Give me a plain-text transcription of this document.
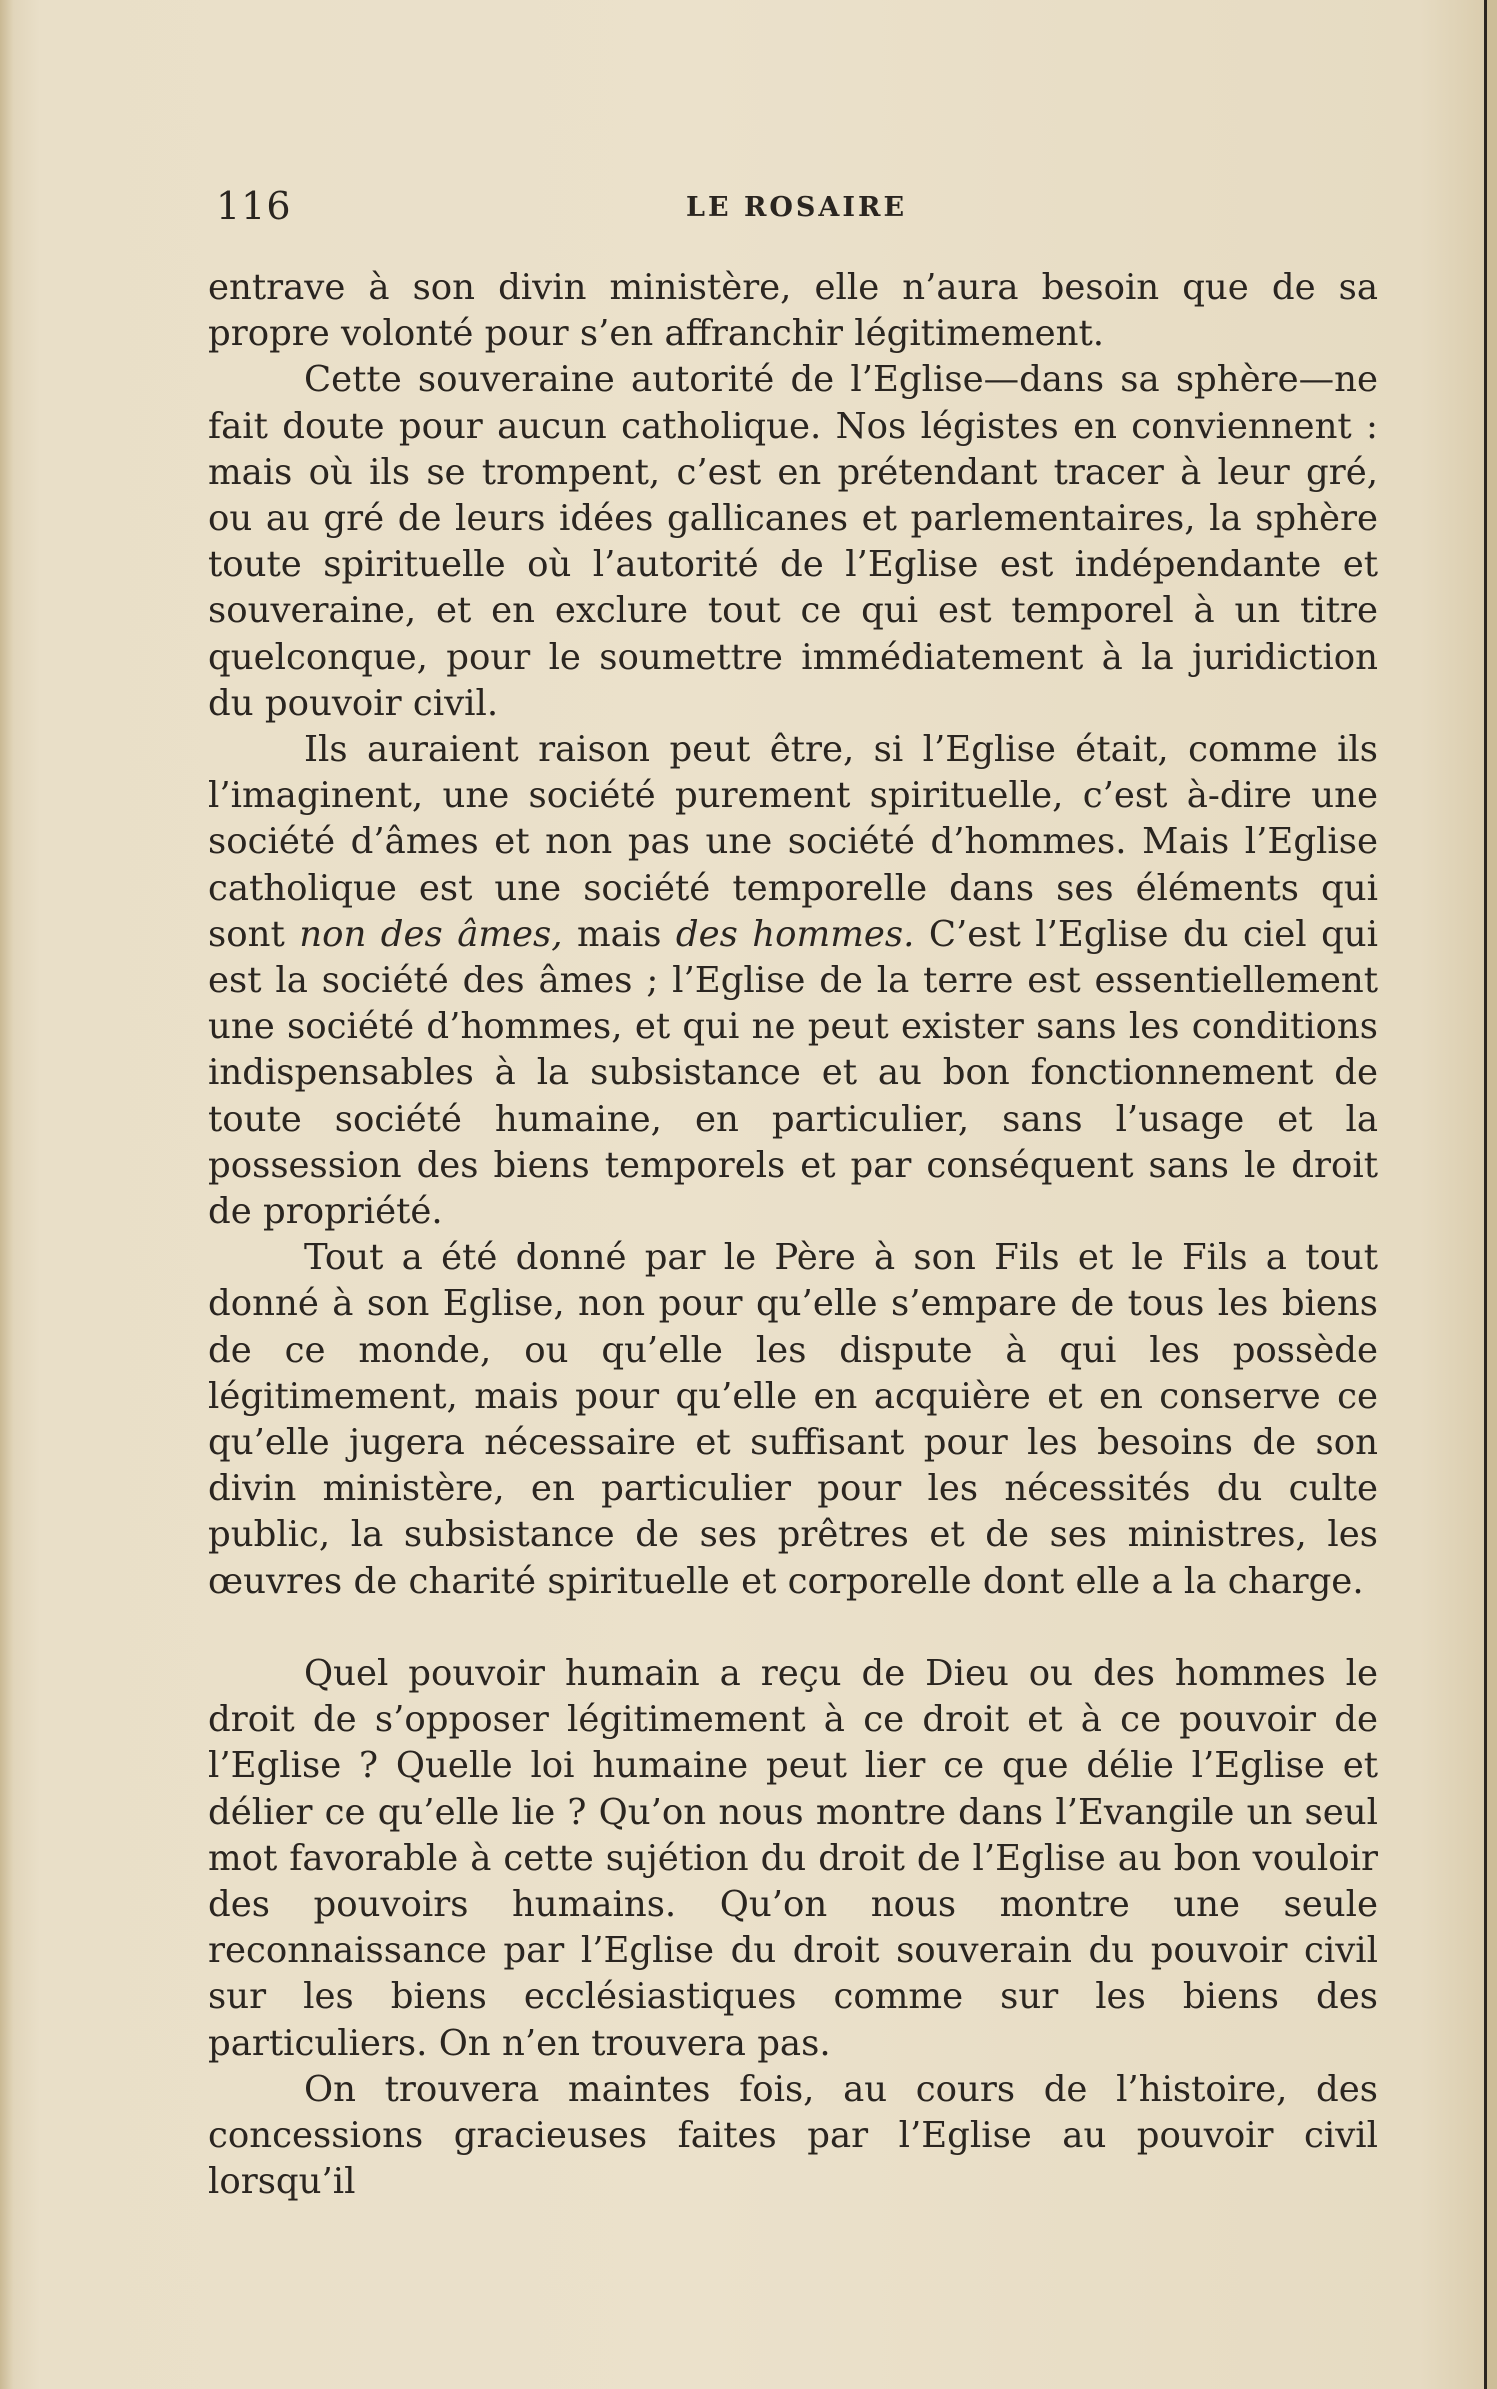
116	LE ROSAIRE

entrave à son divin ministère, elle n’aura besoin que de sa propre volonté pour s’en affranchir légitimement.

Cette souveraine autorité de l’Eglise—dans sa sphère—ne fait doute pour aucun catholique. Nos légistes en conviennent : mais où ils se trompent, c’est en prétendant tracer à leur gré, ou au gré de leurs idées gallicanes et parlementaires, la sphère toute spirituelle où l’autorité de l’Eglise est indépendante et souveraine, et en exclure tout ce qui est temporel à un titre quelconque, pour le soumettre immédiatement à la juridiction du pouvoir civil.

Ils auraient raison peut être, si l’Eglise était, comme ils l’imaginent, une société purement spirituelle, c’est à-dire une société d’âmes et non pas une société d’hommes. Mais l’Eglise catholique est une société temporelle dans ses éléments qui sont non des âmes, mais des hommes. C’est l’Eglise du ciel qui est la société des âmes ; l’Eglise de la terre est essentiellement une société d’hommes, et qui ne peut exister sans les conditions indispensables à la subsistance et au bon fonctionnement de toute société humaine, en particulier, sans l’usage et la possession des biens temporels et par conséquent sans le droit de propriété.

Tout a été donné par le Père à son Fils et le Fils a tout donné à son Eglise, non pour qu’elle s’empare de tous les biens de ce monde, ou qu’elle les dispute à qui les possède légitimement, mais pour qu’elle en acquière et en conserve ce qu’elle jugera nécessaire et suffisant pour les besoins de son divin ministère, en particulier pour les nécessités du culte public, la subsistance de ses prêtres et de ses ministres, les œuvres de charité spirituelle et corporelle dont elle a la charge.

Quel pouvoir humain a reçu de Dieu ou des hommes le droit de s’opposer légitimement à ce droit et à ce pouvoir de l’Eglise ? Quelle loi humaine peut lier ce que délie l’Eglise et délier ce qu’elle lie ? Qu’on nous montre dans l’Evangile un seul mot favorable à cette sujétion du droit de l’Eglise au bon vouloir des pouvoirs humains. Qu’on nous montre une seule reconnaissance par l’Eglise du droit souverain du pouvoir civil sur les biens ecclésiastiques comme sur les biens des particuliers. On n’en trouvera pas.

On trouvera maintes fois, au cours de l’histoire, des concessions gracieuses faites par l’Eglise au pouvoir civil lorsqu’il
